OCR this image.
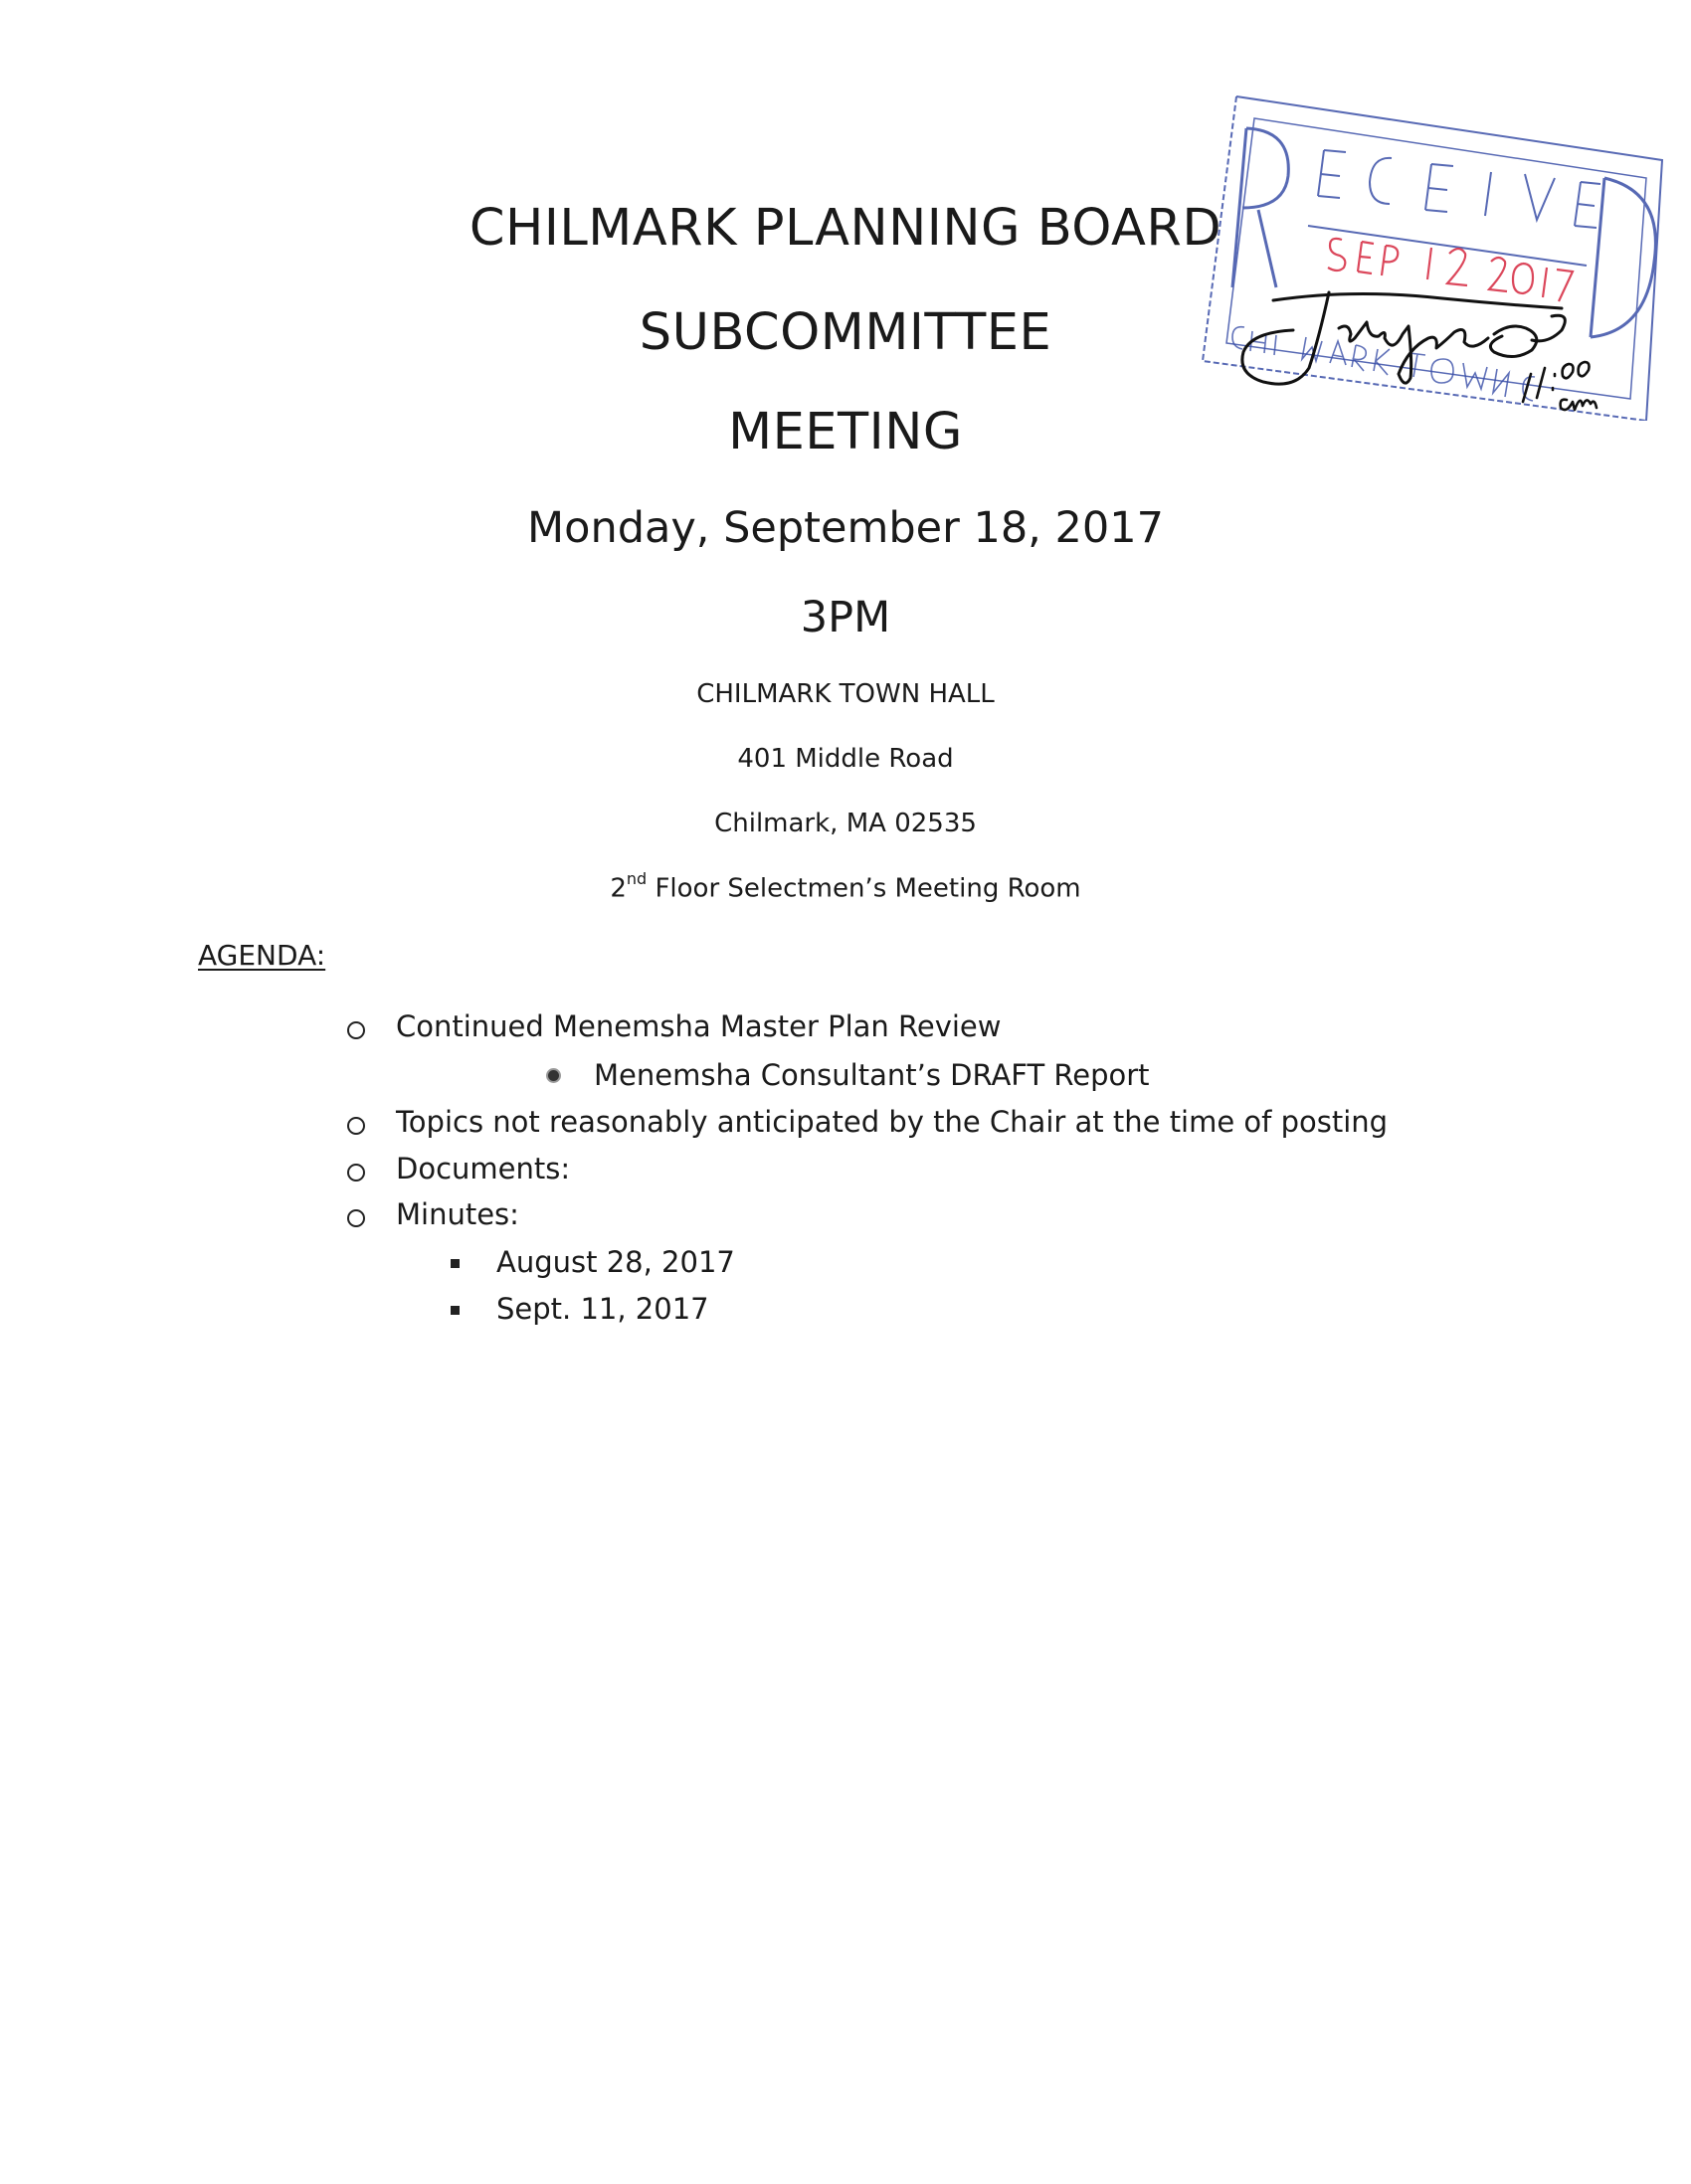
CHILMARK PLANNING BOARD
SUBCOMMITTEE
MEETING
Monday, September 18, 2017
3PM
CHILMARK TOWN HALL
401 Middle Road
Chilmark, MA 02535
2nd Floor Selectmen’s Meeting Room
AGENDA:
Continued Menemsha Master Plan Review
Menemsha Consultant’s DRAFT Report
Topics not reasonably anticipated by the Chair at the time of posting
Documents:
Minutes:
August 28, 2017
Sept. 11, 2017
